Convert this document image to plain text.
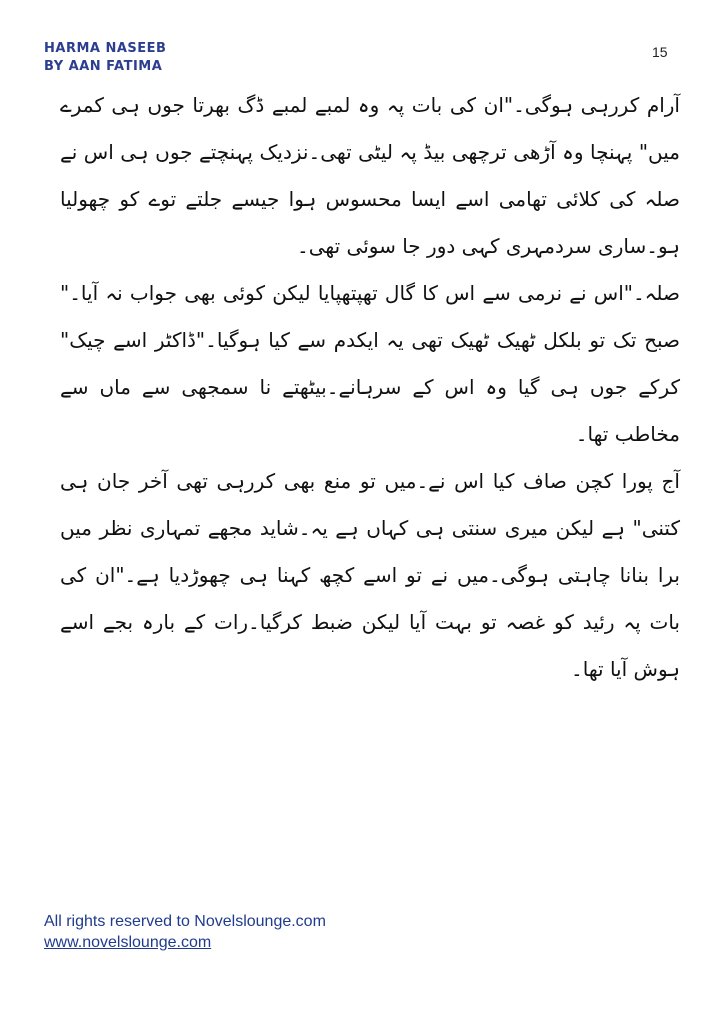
HARMA NASEEB
BY AAN FATIMA
15

آرام کررہی ہوگی۔"ان کی بات پہ وہ لمبے لمبے ڈگ بھرتا جوں ہی کمرے میں" پہنچا وہ آڑھی ترچھی بیڈ پہ لیٹی تھی۔نزدیک پہنچتے جوں ہی اس نے صلہ کی کلائی تھامی اسے ایسا محسوس ہوا جیسے جلتے توے کو چھولیا ہو۔ساری سردمہری کہی دور جا سوئی تھی۔

صلہ۔"اس نے نرمی سے اس کا گال تھپتھپایا لیکن کوئی بھی جواب نہ آیا۔" صبح تک تو بلکل ٹھیک ٹھیک تھی یہ ایکدم سے کیا ہوگیا۔"ڈاکٹر اسے چیک" کرکے جوں ہی گیا وہ اس کے سرہانے۔بیٹھتے نا سمجھی سے ماں سے مخاطب تھا۔

آج پورا کچن صاف کیا اس نے۔میں تو منع بھی کررہی تھی آخر جان ہی کتنی" ہے لیکن میری سنتی ہی کہاں ہے یہ۔شاید مجھے تمہاری نظر میں برا بنانا چاہتی ہوگی۔میں نے تو اسے کچھ کہنا ہی چھوڑدیا ہے۔"ان کی بات پہ رئید کو غصہ تو بہت آیا لیکن ضبط کرگیا۔رات کے بارہ بجے اسے ہوش آیا تھا۔

All rights reserved to Novelslounge.com
www.novelslounge.com
